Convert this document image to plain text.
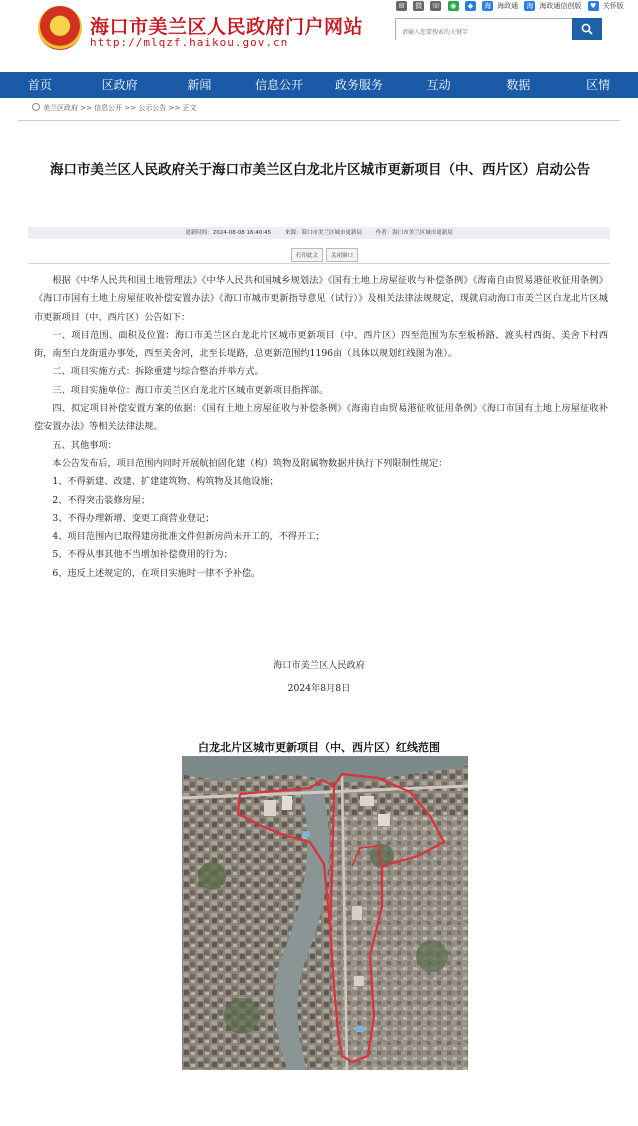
海口市美兰区人民政府门户网站
http://mlqzf.haikou.gov.cn
✉ 微 ☏ ◉ ◆ 海 海政通 海 海政通信创版 ♥ 关怀版
请输入您要搜索的关键字
首页	区政府	新闻	信息公开	政务服务	互动	数据	区情
美兰区政府 >> 信息公开 >> 公示公告 >> 正文
海口市美兰区人民政府关于海口市美兰区白龙北片区城市更新项目（中、西片区）启动公告
更新时间：2024-08-08 16:40:45	来源：海口市美兰区城市更新局	作者：海口市美兰区城市更新局
打印此文 关闭窗口

根据《中华人民共和国土地管理法》《中华人民共和国城乡规划法》《国有土地上房屋征收与补偿条例》《海南自由贸易港征收征用条例》《海口市国有土地上房屋征收补偿安置办法》《海口市城市更新指导意见（试行）》及相关法律法规规定，现就启动海口市美兰区白龙北片区城市更新项目（中、西片区）公告如下：

一、项目范围、面积及位置：海口市美兰区白龙北片区城市更新项目（中、西片区）四至范围为东至板桥路、渡头村西街、美舍下村西街，南至白龙街道办事处，西至美舍河，北至长堤路，总更新范围约1196亩（具体以规划红线图为准）。

二、项目实施方式：拆除重建与综合整治并举方式。

三、项目实施单位：海口市美兰区白龙北片区城市更新项目指挥部。

四、拟定项目补偿安置方案的依据：《国有土地上房屋征收与补偿条例》《海南自由贸易港征收征用条例》《海口市国有土地上房屋征收补偿安置办法》等相关法律法规。

五、其他事项：

本公告发布后，项目范围内同时开展航拍固化建（构）筑物及附属物数据并执行下列限制性规定：

1、不得新建、改建、扩建建筑物、构筑物及其他设施；

2、不得突击装修房屋；

3、不得办理新增、变更工商营业登记；

4、项目范围内已取得建房批准文件但新房尚未开工的，不得开工；

5、不得从事其他不当增加补偿费用的行为；

6、违反上述规定的，在项目实施时一律不予补偿。

海口市美兰区人民政府
2024年8月8日
白龙北片区城市更新项目（中、西片区）红线范围
